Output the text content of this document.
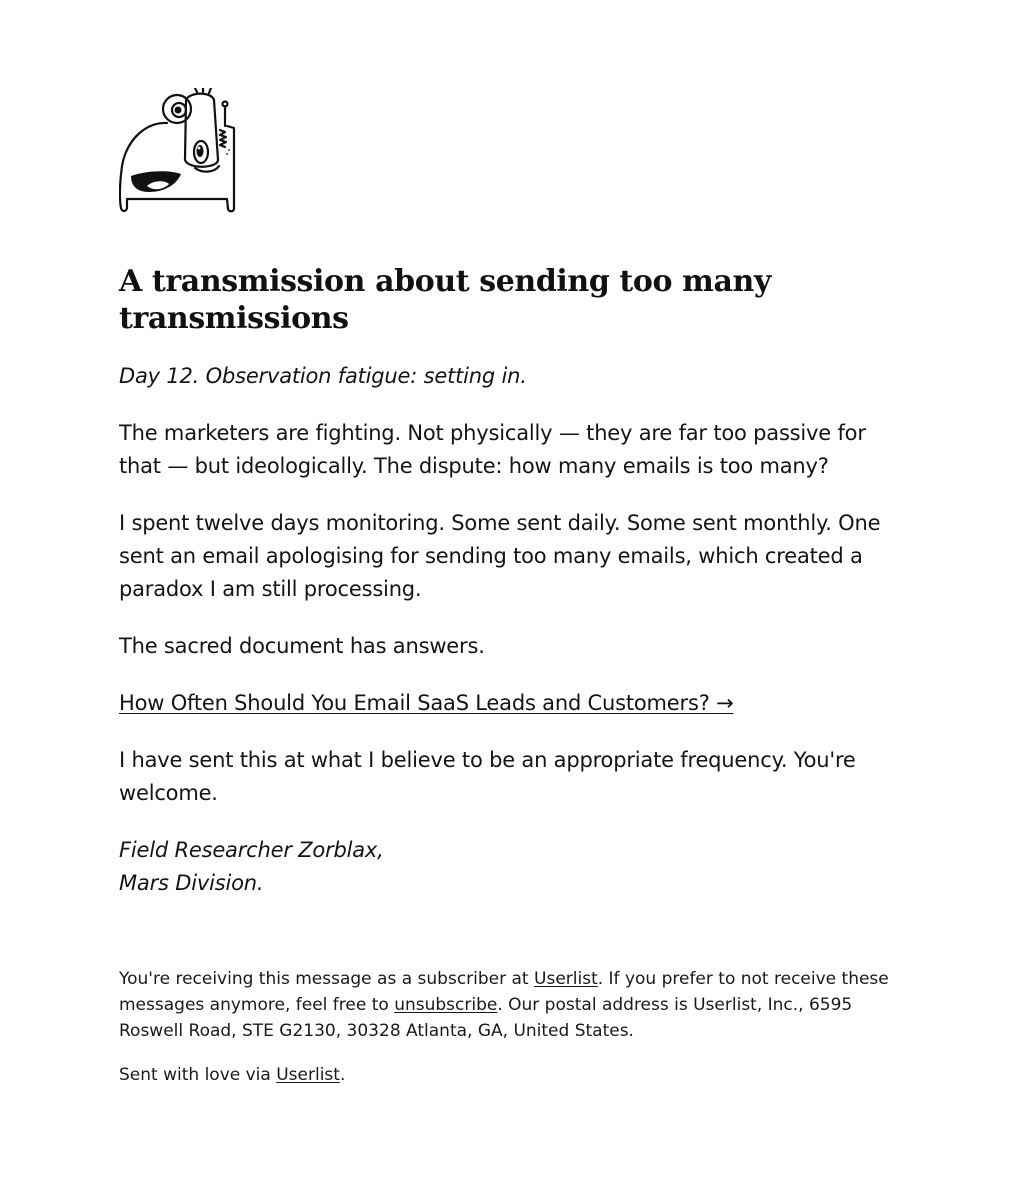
A transmission about sending too many transmissions

Day 12. Observation fatigue: setting in.

The marketers are fighting. Not physically — they are far too passive for that — but ideologically. The dispute: how many emails is too many?

I spent twelve days monitoring. Some sent daily. Some sent monthly. One sent an email apologising for sending too many emails, which created a paradox I am still processing.

The sacred document has answers.

How Often Should You Email SaaS Leads and Customers? →

I have sent this at what I believe to be an appropriate frequency. You're welcome.

Field Researcher Zorblax,
Mars Division.

You're receiving this message as a subscriber at Userlist. If you prefer to not receive these messages anymore, feel free to unsubscribe. Our postal address is Userlist, Inc., 6595 Roswell Road, STE G2130, 30328 Atlanta, GA, United States.

Sent with love via Userlist.
